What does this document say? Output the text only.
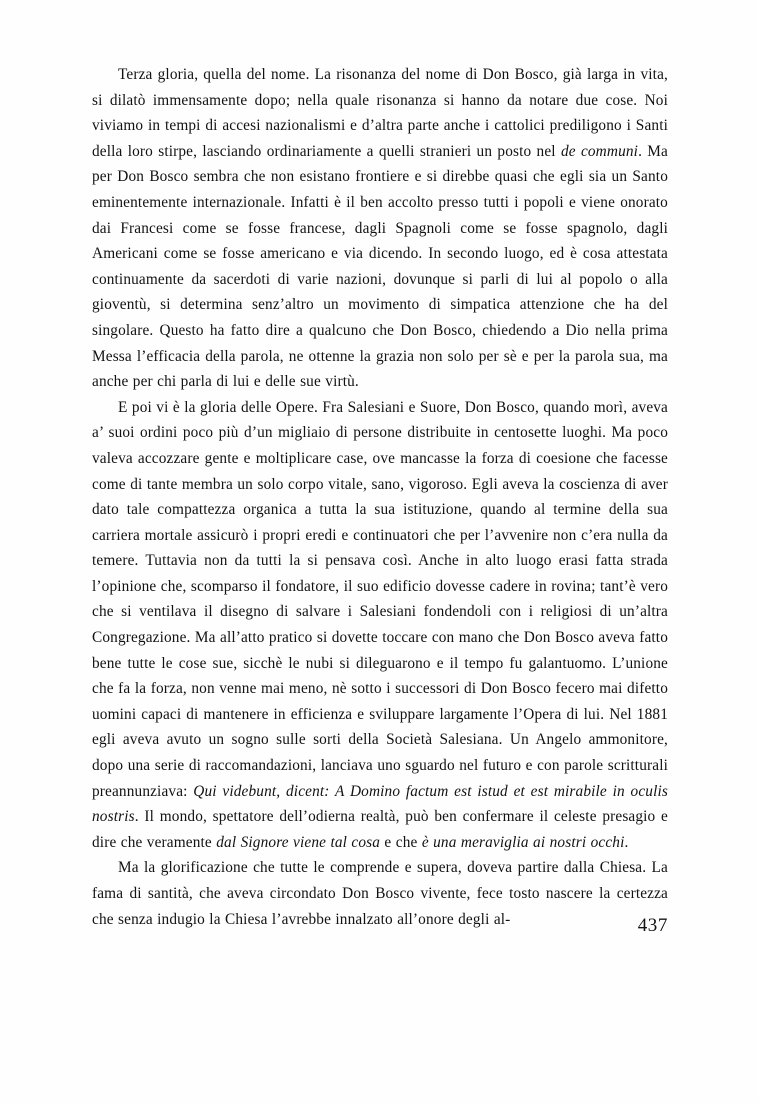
Terza gloria, quella del nome. La risonanza del nome di Don Bosco, già larga in vita, si dilatò immensamente dopo; nella quale risonanza si hanno da notare due cose. Noi viviamo in tempi di accesi nazionalismi e d’altra parte anche i cattolici prediligono i Santi della loro stirpe, lasciando ordinariamente a quelli stranieri un posto nel de communi. Ma per Don Bosco sembra che non esistano frontiere e si direbbe quasi che egli sia un Santo eminentemente internazionale. Infatti è il ben accolto presso tutti i popoli e viene onorato dai Francesi come se fosse francese, dagli Spagnoli come se fosse spagnolo, dagli Americani come se fosse americano e via dicendo. In secondo luogo, ed è cosa attestata continuamente da sacerdoti di varie nazioni, dovunque si parli di lui al popolo o alla gioventù, si determina senz’altro un movimento di simpatica attenzione che ha del singolare. Questo ha fatto dire a qualcuno che Don Bosco, chiedendo a Dio nella prima Messa l’efficacia della parola, ne ottenne la grazia non solo per sè e per la parola sua, ma anche per chi parla di lui e delle sue virtù.

E poi vi è la gloria delle Opere. Fra Salesiani e Suore, Don Bosco, quando morì, aveva a’ suoi ordini poco più d’un migliaio di persone distribuite in centosette luoghi. Ma poco valeva accozzare gente e moltiplicare case, ove mancasse la forza di coesione che facesse come di tante membra un solo corpo vitale, sano, vigoroso. Egli aveva la coscienza di aver dato tale compattezza organica a tutta la sua istituzione, quando al termine della sua carriera mortale assicurò i propri eredi e continuatori che per l’avvenire non c’era nulla da temere. Tuttavia non da tutti la si pensava così. Anche in alto luogo erasi fatta strada l’opinione che, scomparso il fondatore, il suo edificio dovesse cadere in rovina; tant’è vero che si ventilava il disegno di salvare i Salesiani fondendoli con i religiosi di un’altra Congregazione. Ma all’atto pratico si dovette toccare con mano che Don Bosco aveva fatto bene tutte le cose sue, sicchè le nubi si dileguarono e il tempo fu galantuomo. L’unione che fa la forza, non venne mai meno, nè sotto i successori di Don Bosco fecero mai difetto uomini capaci di mantenere in efficienza e sviluppare largamente l’Opera di lui. Nel 1881 egli aveva avuto un sogno sulle sorti della Società Salesiana. Un Angelo ammonitore, dopo una serie di raccomandazioni, lanciava uno sguardo nel futuro e con parole scritturali preannunziava: Qui videbunt, dicent: A Domino factum est istud et est mirabile in oculis nostris. Il mondo, spettatore dell’odierna realtà, può ben confermare il celeste presagio e dire che veramente dal Signore viene tal cosa e che è una meraviglia ai nostri occhi.

Ma la glorificazione che tutte le comprende e supera, doveva partire dalla Chiesa. La fama di santità, che aveva circondato Don Bosco vivente, fece tosto nascere la certezza che senza indugio la Chiesa l’avrebbe innalzato all’onore degli al-	437
